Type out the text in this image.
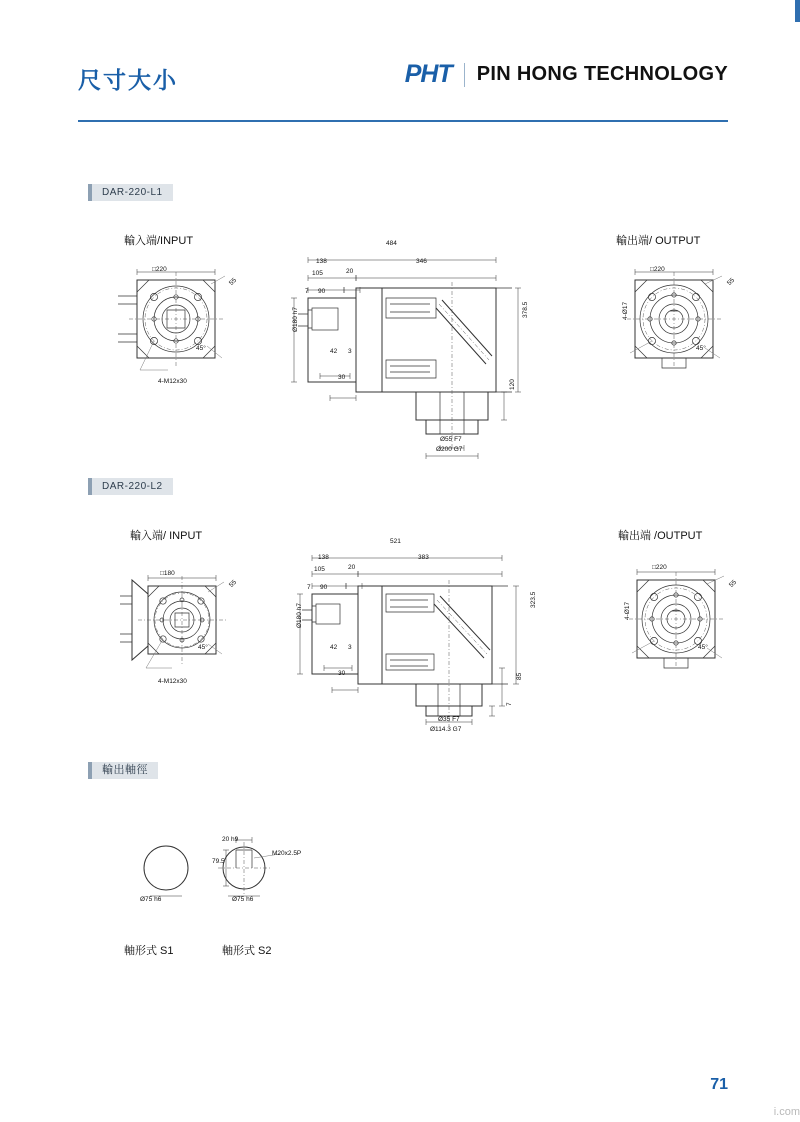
尺寸大小	PHT PIN HONG TECHNOLOGY
DAR-220-L1
輸入端/INPUT	輸出端/ OUTPUT
□220
55
45°
4-M12x30
484
138	346
105	20
7 90
Ø180 h7
42 3
30
378.5
120
Ø55 F7
Ø200 G7
□220
4-Ø17
55
45°
DAR-220-L2
輸入端/ INPUT	輸出端 /OUTPUT
□180
55
45°
4-M12x30
521
138	383
105	20
7 90
Ø180 h7
42 3
30
323.5
85
7
Ø35 F7
Ø114.3 G7
□220
4-Ø17
55
45°
輸出軸徑
Ø75 h6
20 h9
79.5
M20x2.5P
Ø75 h6
軸形式 S1	軸形式 S2
71
i.com
